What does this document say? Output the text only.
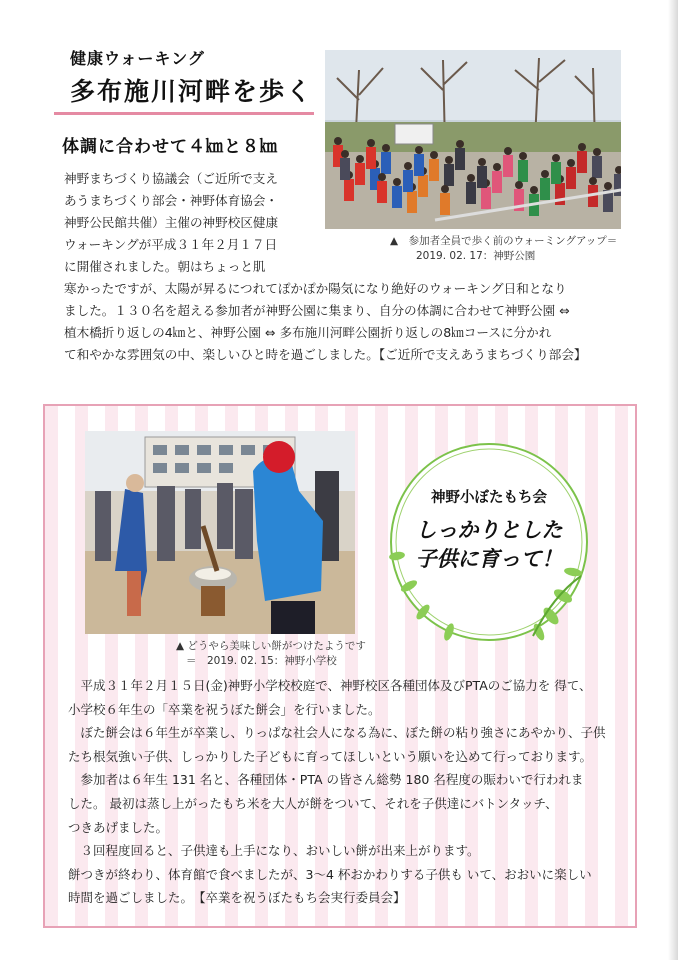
健康ウォーキング
多布施川河畔を歩く
体調に合わせて４㎞と８㎞
▲　参加者全員で歩く前のウォーミングアップ＝
2019. 02. 17：神野公園
神野まちづくり協議会（ご近所で支え
あうまちづくり部会・神野体育協会・
神野公民館共催）主催の神野校区健康
ウォーキングが平成３１年２月１７日
に開催されました。朝はちょっと肌
寒かったですが、太陽が昇るにつれてぽかぽか陽気になり絶好のウォーキング日和となり
ました。１３０名を超える参加者が神野公園に集まり、自分の体調に合わせて神野公園 ⇔
植木橋折り返しの4㎞と、神野公園 ⇔ 多布施川河畔公園折り返しの8㎞コースに分かれ
て和やかな雰囲気の中、楽しいひと時を過ごしました。【ご近所で支えあうまちづくり部会】
▲ どうやら美味しい餅がつけたようです
＝　2019. 02. 15：神野小学校
神野小ぼたもち会
しっかりとした
子供に育って！
　平成３１年２月１５日(金)神野小学校校庭で、神野校区各種団体及びPTAのご協力を 得て、
小学校６年生の「卒業を祝うぼた餅会」を行いました。
　ぼた餅会は６年生が卒業し、りっぱな社会人になる為に、ぼた餅の粘り強さにあやかり、子供
たち根気強い子供、しっかりした子どもに育ってほしいという願いを込めて行っております。
　参加者は６年生 131 名と、各種団体・PTA の皆さん総勢 180 名程度の賑わいで行われま
した。 最初は蒸し上がったもち米を大人が餅をついて、それを子供達にバトンタッチ、
つきあげました。
　３回程度回ると、子供達も上手になり、おいしい餅が出来上がります。
餅つきが終わり、体育館で食べましたが、3～4 杯おかわりする子供も いて、おおいに楽しい
時間を過ごしました。　【卒業を祝うぼたもち会実行委員会】
